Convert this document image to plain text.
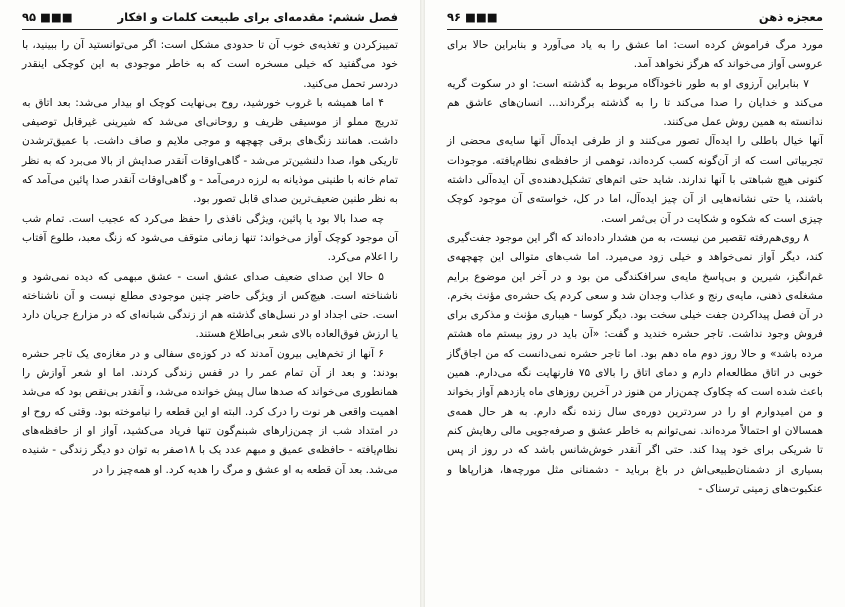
فصل ششم: مقدمه‌ای برای طبیعت کلمات و افکار
۹۵ ■■■

تمییزکردن و تغذیه‌ی خوب آن تا حدودی مشکل است: اگر می‌توانستید آن را ببینید، با خود می‌گفتید که خیلی مسخره است که به خاطر موجودی به این کوچکی اینقدر دردسر تحمل می‌کنید.

۴ اما همیشه با غروب خورشید، روح بی‌نهایت کوچک او بیدار می‌شد: بعد اتاق به تدریج مملو از موسیقی ظریف و روحانی‌ای می‌شد که شیرینی غیرقابل توصیفی داشت. همانند زنگ‌های برقی چهچهه و موجی ملایم و صاف داشت. با عمیق‌ترشدن تاریکی هوا، صدا دلنشین‌تر می‌شد - گاهی‌اوقات آنقدر صدایش از بالا می‌برد که به نظر تمام خانه با طنینی موذیانه به لرزه درمی‌آمد - و گاهی‌اوقات آنقدر صدا پائین می‌آمد که به نظر طنین ضعیف‌ترین صدای قابل تصور بود.

چه صدا بالا بود یا پائین، ویژگی نافذی را حفظ می‌کرد که عجیب است. تمام شب آن موجود کوچک آواز می‌خواند: تنها زمانی متوقف می‌شود که زنگ معبد، طلوع آفتاب را اعلام می‌کرد.

۵ حالا این صدای ضعیف صدای عشق است - عشق مبهمی که دیده نمی‌شود و ناشناخته است. هیچ‌کس از ویژگی حاضر چنین موجودی مطلع نیست و آن ناشناخته است. حتی اجداد او در نسل‌های گذشته هم از زندگی شبانه‌ای که در مزارع جریان دارد یا ارزش فوق‌العاده بالای شعر بی‌اطلاع هستند.

۶ آنها از تخم‌هایی بیرون آمدند که در کوزه‌ی سفالی و در مغازه‌ی یک تاجر حشره بودند: و بعد از آن تمام عمر را در قفس زندگی کردند. اما او شعر آوازش را همانطوری می‌خواند که صدها سال پیش خوانده می‌شد، و آنقدر بی‌نقص بود که می‌شد اهمیت واقعی هر نوت را درک کرد. البته او این قطعه را نیاموخته بود. وقتی که روح او در امتداد شب از چمن‌زارهای شبنم‌گون تنها فریاد می‌کشید، آواز او از حافظه‌های نظام‌یافته - حافظه‌ی عمیق و مبهم عدد یک با ۱۸صفر به توان دو دیگر زندگی - شنیده می‌شد. بعد آن قطعه به او عشق و مرگ را هدیه کرد. او همه‌چیز را در

معجزه ذهن
۹۶ ■■■

مورد مرگ فراموش کرده است: اما عشق را به یاد می‌آورد و بنابراین حالا برای عروسی آواز می‌خواند که هرگز نخواهد آمد.

۷ بنابراین آرزوی او به طور ناخودآگاه مربوط به گذشته است: او در سکوت گریه می‌کند و خدایان را صدا می‌کند تا را به گذشته برگرداند... انسان‌های عاشق هم ندانسته به همین روش عمل می‌کنند.

آنها خیال باطلی را ایده‌آل تصور می‌کنند و از طرفی ایده‌آل آنها سایه‌ی محضی از تجربیاتی است که از آن‌گونه کسب کرده‌اند، توهمی از حافظه‌ی نظام‌یافته. موجودات کنونی هیچ شباهتی با آنها ندارند. شاید حتی اتم‌های تشکیل‌دهنده‌ی آن ایده‌آلی داشته باشند، یا حتی نشانه‌هایی از آن چیز ایده‌آل، اما در کل، خواسته‌ی آن موجود کوچک چیزی است که شکوه و شکایت در آن بی‌ثمر است.

۸ روی‌هم‌رفته تقصیر من نیست، به من هشدار داده‌اند که اگر این موجود جفت‌گیری کند، دیگر آواز نمی‌خواهد و خیلی زود می‌میرد. اما شب‌های متوالی این چهچهه‌ی غم‌انگیز، شیرین و بی‌پاسخ مایه‌ی سرافکندگی من بود و در آخر این موضوع برایم مشغله‌ی ذهنی، مایه‌ی رنج و عذاب وجدان شد و سعی کردم یک حشره‌ی مؤنث بخرم. در آن فصل پیداکردن جفت خیلی سخت بود. دیگر کوسا - هیباری مؤنث و مذکری برای فروش وجود نداشت. تاجر حشره خندید و گفت: «آن باید در روز بیستم ماه هشتم مرده باشد» و حالا روز دوم ماه دهم بود. اما تاجر حشره نمی‌دانست که من اجاق‌گاز خوبی در اتاق مطالعه‌ام دارم و دمای اتاق را بالای ۷۵ فارنهایت نگه می‌دارم. همین باعث شده است که چکاوک چمن‌زار من هنوز در آخرین روزهای ماه یازدهم آواز بخواند و من امیدوارم او را در سردترین دوره‌ی سال زنده نگه دارم. به هر حال همه‌ی همسالان او احتمالاً مرده‌اند. نمی‌توانم به خاطر عشق و صرفه‌جویی مالی رهایش کنم تا شریکی برای خود پیدا کند. حتی اگر آنقدر خوش‌شانس باشد که در روز از پس بسیاری از دشمنان‌طبیعی‌اش در باغ برباید - دشمنانی مثل مورچه‌ها، هزارپاها و عنکبوت‌های زمینی ترسناک -
